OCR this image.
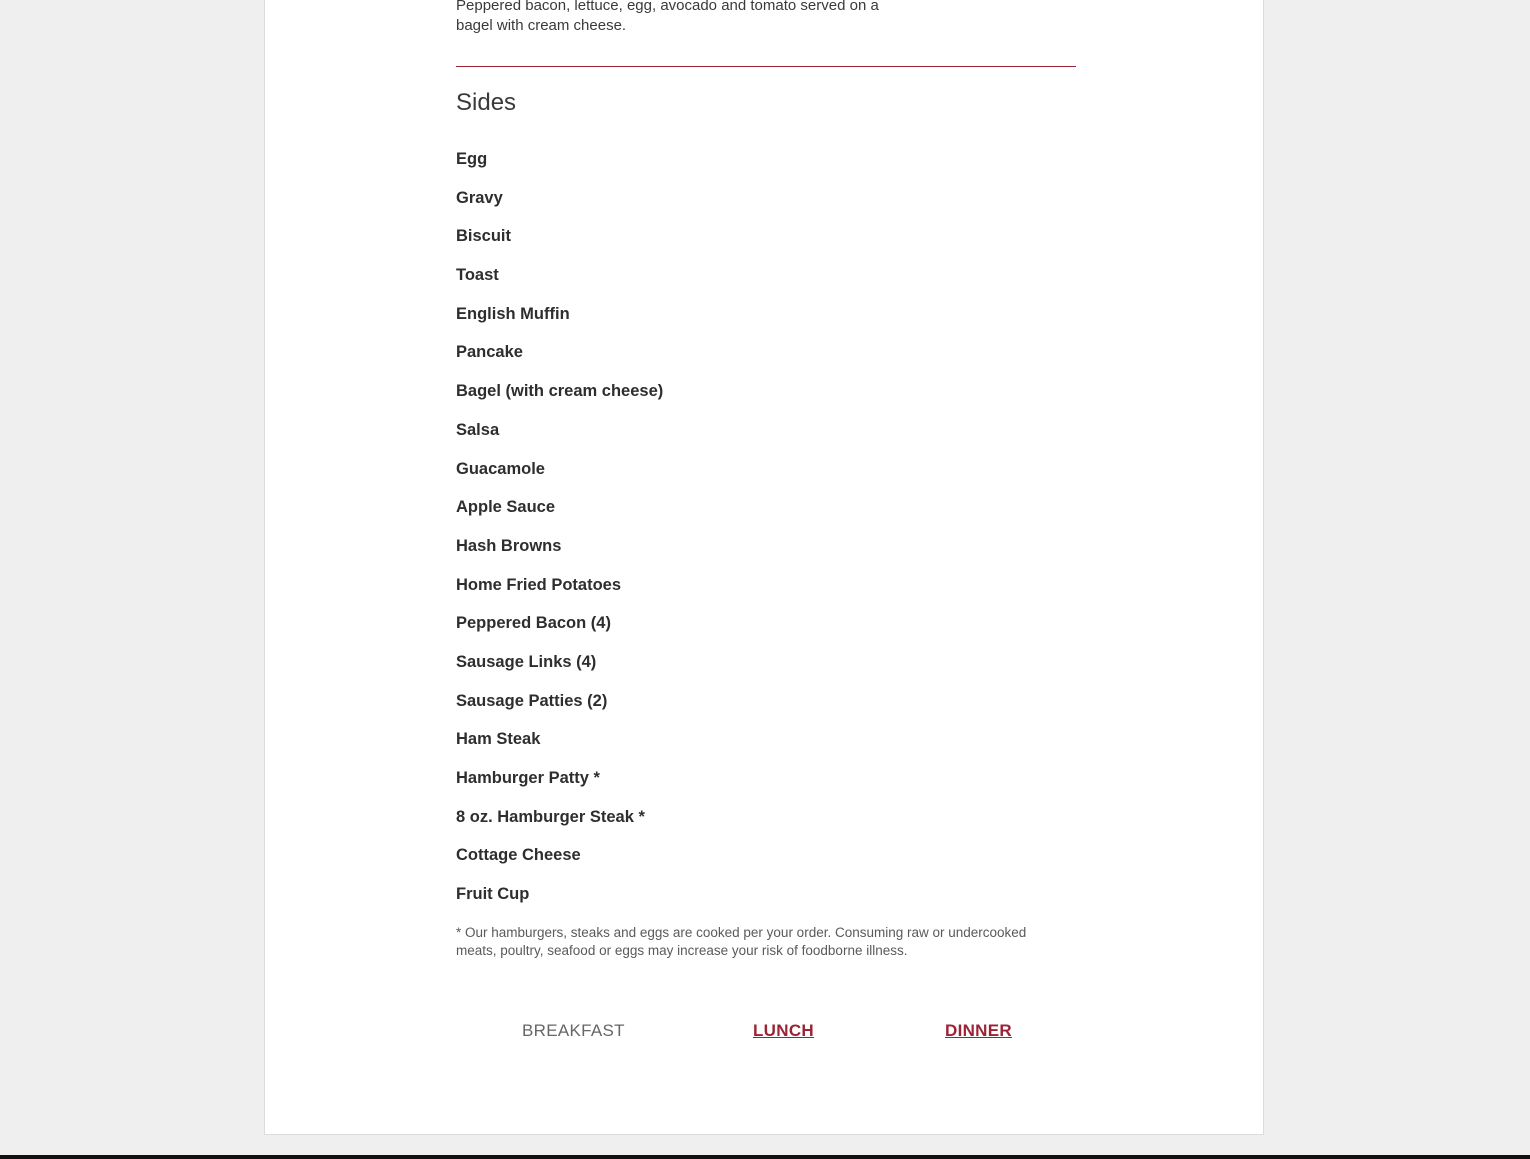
Peppered bacon, lettuce, egg, avocado and tomato served on a bagel with cream cheese.

Sides
Egg
Gravy
Biscuit
Toast
English Muffin
Pancake
Bagel (with cream cheese)
Salsa
Guacamole
Apple Sauce
Hash Browns
Home Fried Potatoes
Peppered Bacon (4)
Sausage Links (4)
Sausage Patties (2)
Ham Steak
Hamburger Patty *
8 oz. Hamburger Steak *
Cottage Cheese
Fruit Cup

* Our hamburgers, steaks and eggs are cooked per your order. Consuming raw or undercooked meats, poultry, seafood or eggs may increase your risk of foodborne illness.

BREAKFAST	LUNCH	DINNER
